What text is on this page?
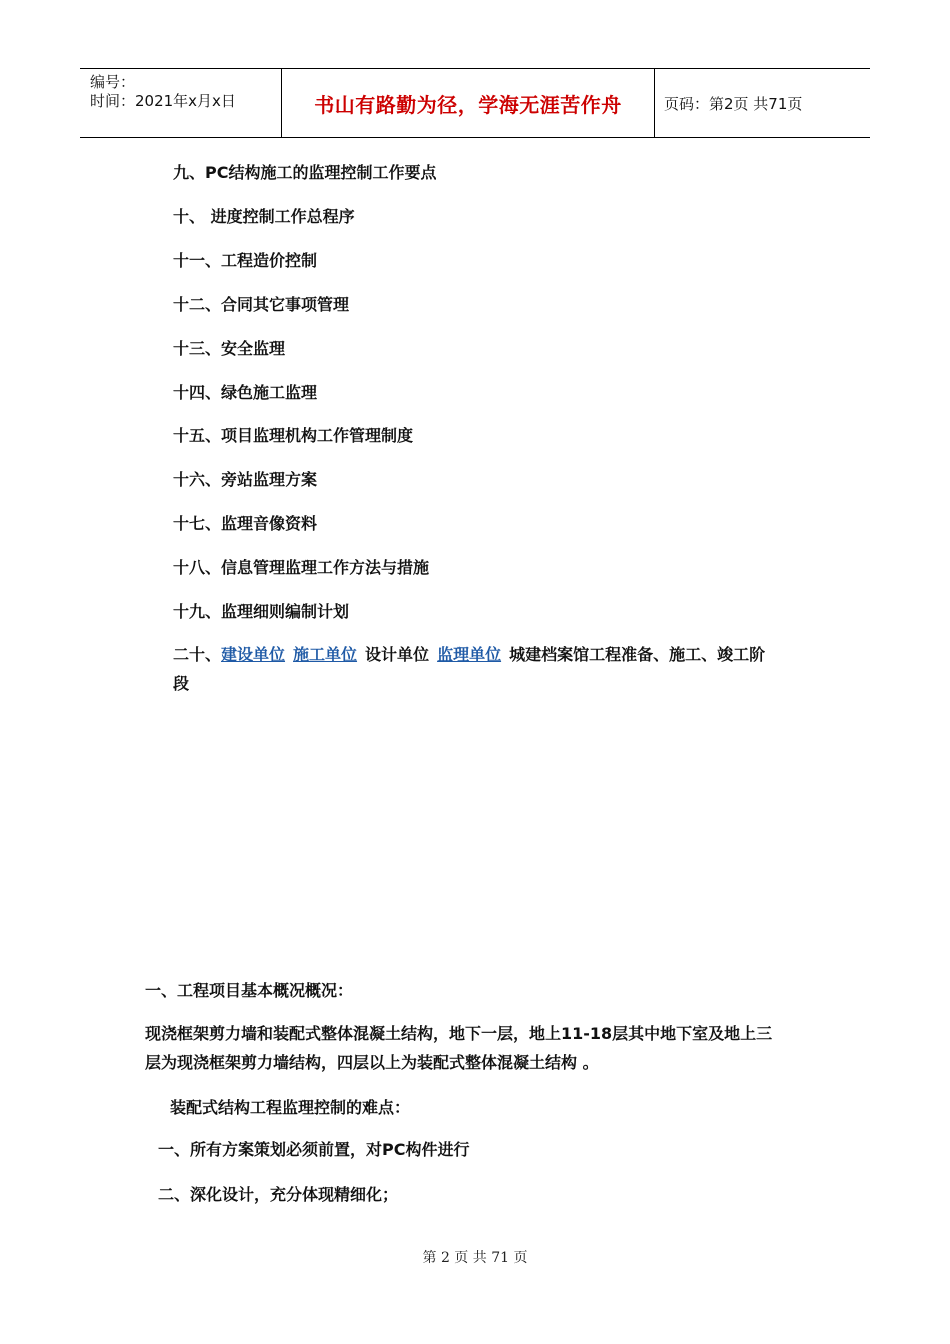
编号：
时间：2021年x月x日	书山有路勤为径，学海无涯苦作舟	页码：第2页 共71页
九、PC结构施工的监理控制工作要点
十、 进度控制工作总程序
十一、工程造价控制
十二、合同其它事项管理
十三、安全监理
十四、绿色施工监理
十五、项目监理机构工作管理制度
十六、旁站监理方案
十七、监理音像资料
十八、信息管理监理工作方法与措施
十九、监理细则编制计划
二十、建设单位 施工单位 设计单位 监理单位 城建档案馆工程准备、施工、竣工阶
段
一、工程项目基本概况概况：
现浇框架剪力墙和装配式整体混凝土结构，地下一层，地上11-18层其中地下室及地上三
层为现浇框架剪力墙结构，四层以上为装配式整体混凝土结构 。
装配式结构工程监理控制的难点：
一、所有方案策划必须前置，对PC构件进行
二、深化设计，充分体现精细化；
第 2 页 共 71 页
